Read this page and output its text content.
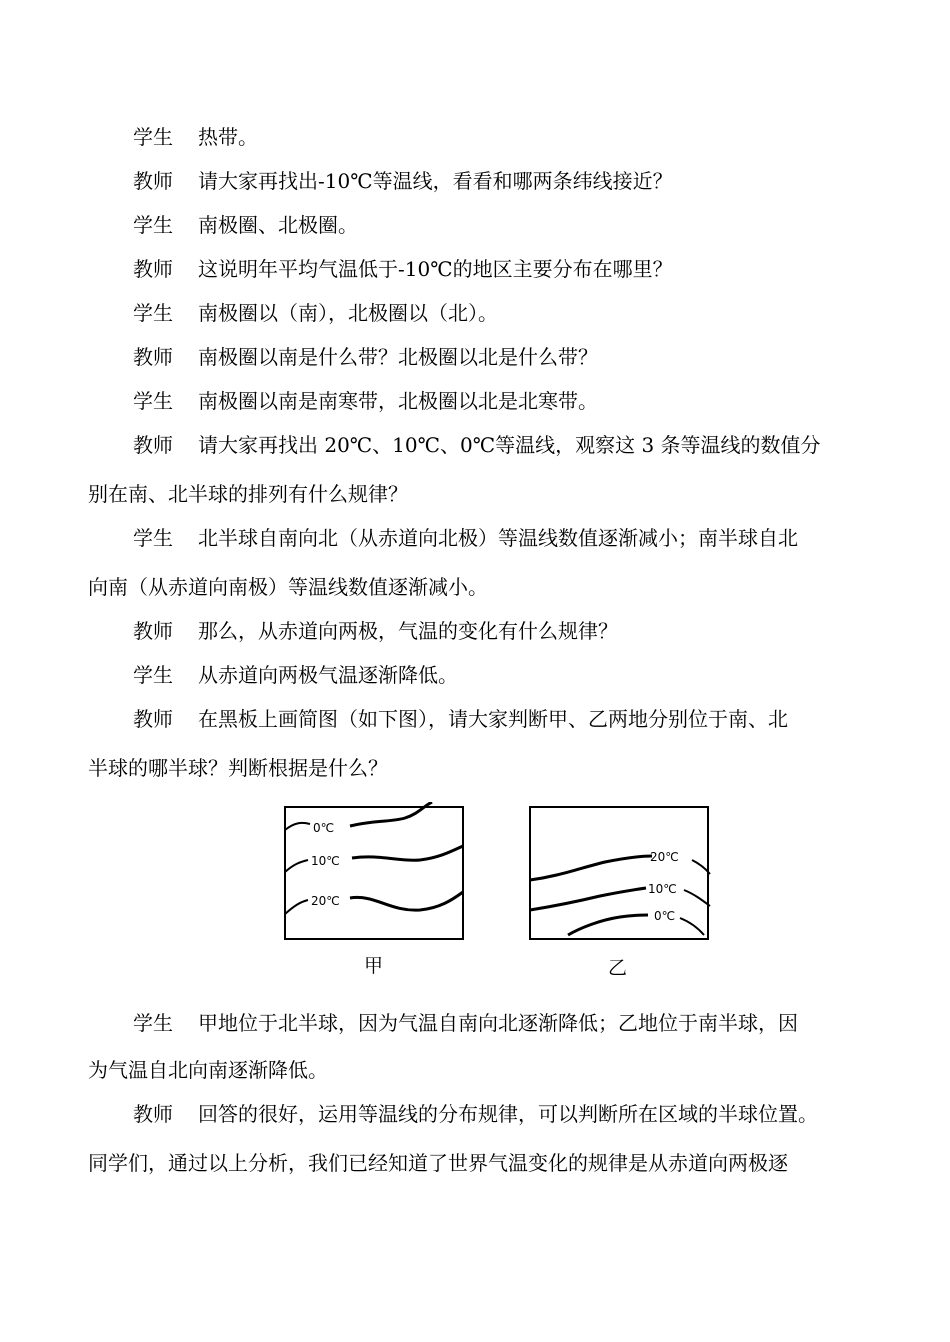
学生 热带。
教师 请大家再找出-10℃等温线，看看和哪两条纬线接近？
学生 南极圈、北极圈。
教师 这说明年平均气温低于-10℃的地区主要分布在哪里？
学生 南极圈以（南），北极圈以（北）。
教师 南极圈以南是什么带？北极圈以北是什么带？
学生 南极圈以南是南寒带，北极圈以北是北寒带。
教师 请大家再找出 20℃、10℃、0℃等温线，观察这 3 条等温线的数值分
别在南、北半球的排列有什么规律？
学生 北半球自南向北（从赤道向北极）等温线数值逐渐减小；南半球自北
向南（从赤道向南极）等温线数值逐渐减小。
教师 那么，从赤道向两极，气温的变化有什么规律？
学生 从赤道向两极气温逐渐降低。
教师 在黑板上画简图（如下图），请大家判断甲、乙两地分别位于南、北
半球的哪半球？判断根据是什么？
0℃
10℃
20℃
甲
20℃
10℃
0℃
乙
学生 甲地位于北半球，因为气温自南向北逐渐降低；乙地位于南半球，因
为气温自北向南逐渐降低。
教师 回答的很好，运用等温线的分布规律，可以判断所在区域的半球位置。
同学们，通过以上分析，我们已经知道了世界气温变化的规律是从赤道向两极逐
